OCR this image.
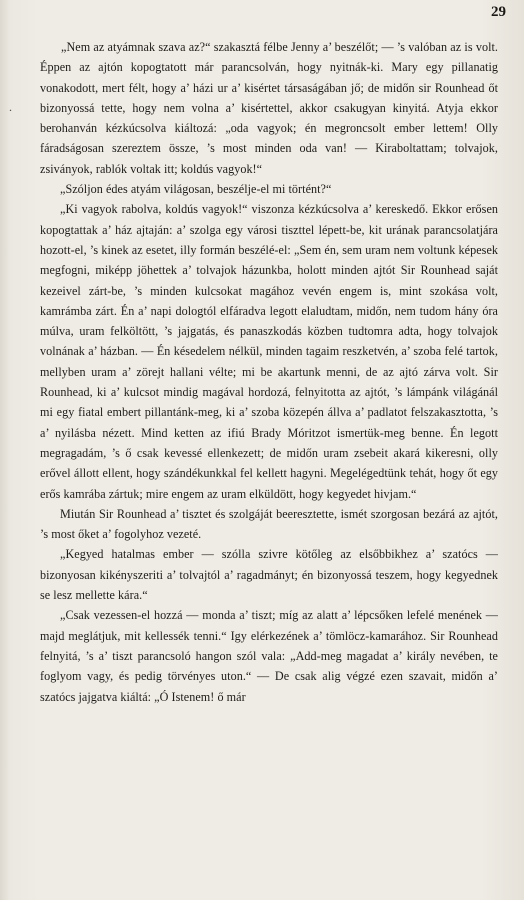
29
.

„Nem az atyámnak szava az?“ szakasztá félbe Jenny a’ beszélőt; — ’s valóban az is volt. Éppen az ajtón kopogtatott már parancsolván, hogy nyitnák-ki. Mary egy pillanatig vonakodott, mert félt, hogy a’ házi ur a’ kisértet társaságában jő; de midőn sir Rounhead őt bizonyossá tette, hogy nem volna a’ kisértettel, akkor csakugyan kinyitá. Atyja ekkor berohanván kézkúcsolva kiáltozá: „oda vagyok; én megroncsolt ember lettem! Olly fáradságosan szereztem össze, ’s most minden oda van! — Kiraboltattam; tolvajok, zsiványok, rablók voltak itt; koldús vagyok!“

„Szóljon édes atyám világosan, beszélje-el mi történt?“

„Ki vagyok rabolva, koldús vagyok!“ viszonza kézkúcsolva a’ kereskedő. Ekkor erősen kopogtattak a’ ház ajtaján: a’ szolga egy városi tiszttel lépett-be, kit urának parancsolatjára hozott-el, ’s kinek az esetet, illy formán beszélé-el: „Sem én, sem uram nem voltunk képesek megfogni, miképp jöhettek a’ tolvajok házunkba, holott minden ajtót Sir Rounhead saját kezeivel zárt-be, ’s minden kulcsokat magához vevén engem is, mint szokása volt, kamrámba zárt. Én a’ napi dologtól elfáradva legott elaludtam, midőn, nem tudom hány óra múlva, uram felköltött, ’s jajgatás, és panaszkodás közben tudtomra adta, hogy tolvajok volnának a’ házban. — Én késedelem nélkül, minden tagaim reszketvén, a’ szoba felé tartok, mellyben uram a’ zörejt hallani vélte; mi be akartunk menni, de az ajtó zárva volt. Sir Rounhead, ki a’ kulcsot mindig magával hordozá, felnyitotta az ajtót, ’s lámpánk világánál mi egy fiatal embert pillantánk-meg, ki a’ szoba közepén állva a’ padlatot felszakasztotta, ’s a’ nyilásba nézett. Mind ketten az ifiú Brady Móritzot ismertük-meg benne. Én legott megragadám, ’s ő csak kevessé ellenkezett; de midőn uram zsebeit akará kikeresni, olly erővel állott ellent, hogy szándékunkkal fel kellett hagyni. Megelégedtünk tehát, hogy őt egy erős kamrába zártuk; mire engem az uram elküldött, hogy kegyedet hivjam.“

Miután Sir Rounhead a’ tisztet és szolgáját beeresztette, ismét szorgosan bezárá az ajtót, ’s most őket a’ fogolyhoz vezeté.

„Kegyed hatalmas ember — szólla szivre kötőleg az elsőbbikhez a’ szatócs — bizonyosan kikényszeriti a’ tolvajtól a’ ragadmányt; én bizonyossá teszem, hogy kegyednek se lesz mellette kára.“

„Csak vezessen-el hozzá — monda a’ tiszt; míg az alatt a’ lépcsőken lefelé menének — majd meglátjuk, mit kellessék tenni.“ Igy elérkezének a’ tömlöcz-kamarához. Sir Rounhead felnyitá, ’s a’ tiszt parancsoló hangon szól vala: „Add-meg magadat a’ király nevében, te foglyom vagy, és pedig törvényes uton.“ — De csak alig végzé ezen szavait, midőn a’ szatócs jajgatva kiáltá: „Ó Istenem! ő már
